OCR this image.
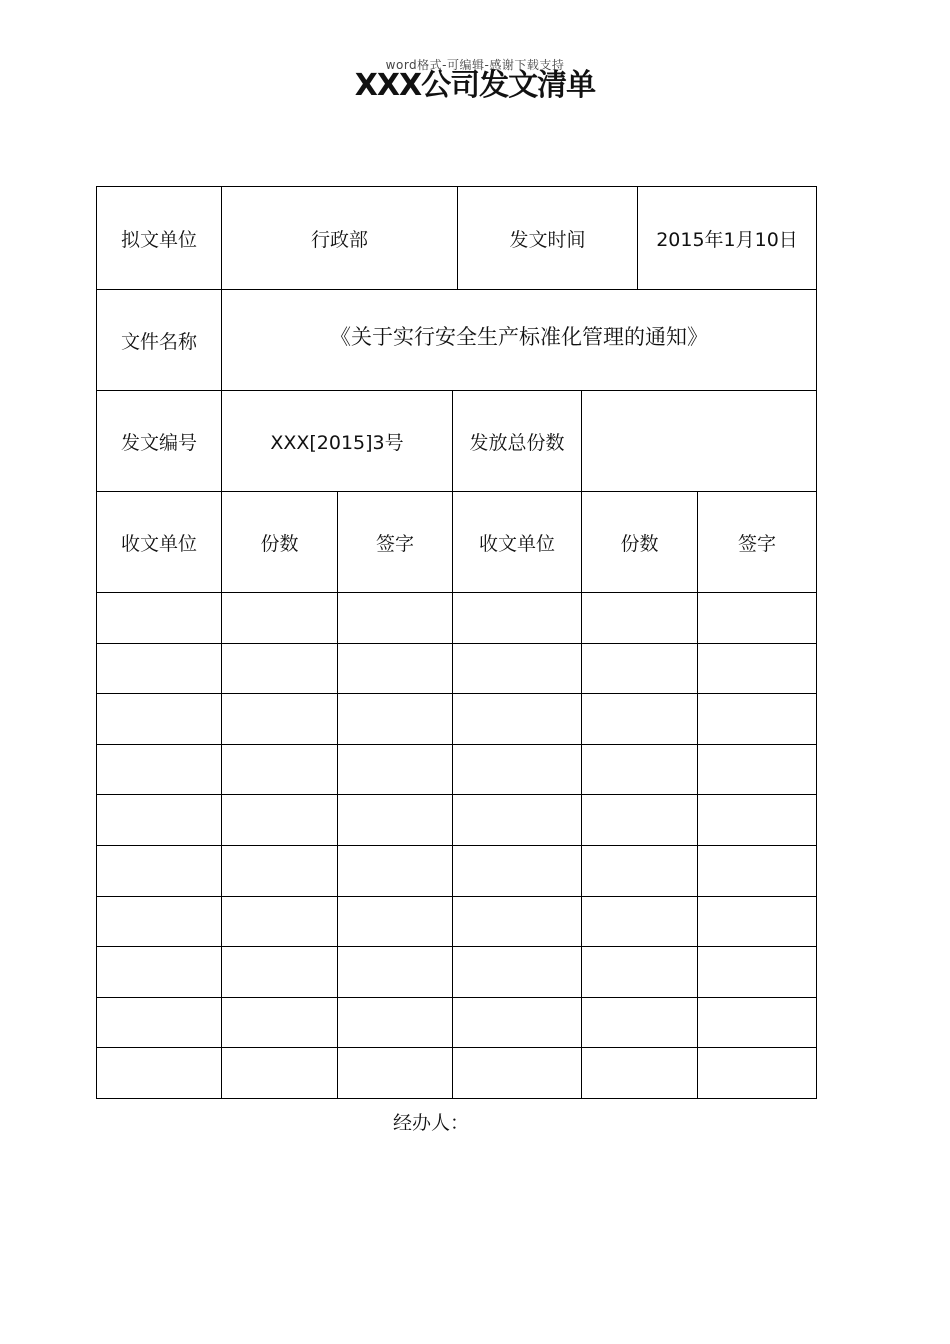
word格式-可编辑-感谢下载支持
XXX公司发文清单
拟文单位	行政部	发文时间	2015年1月10日
文件名称	《关于实行安全生产标准化管理的通知》
发文编号	XXX[2015]3号	发放总份数
收文单位	份数	签字	收文单位	份数	签字
经办人：
